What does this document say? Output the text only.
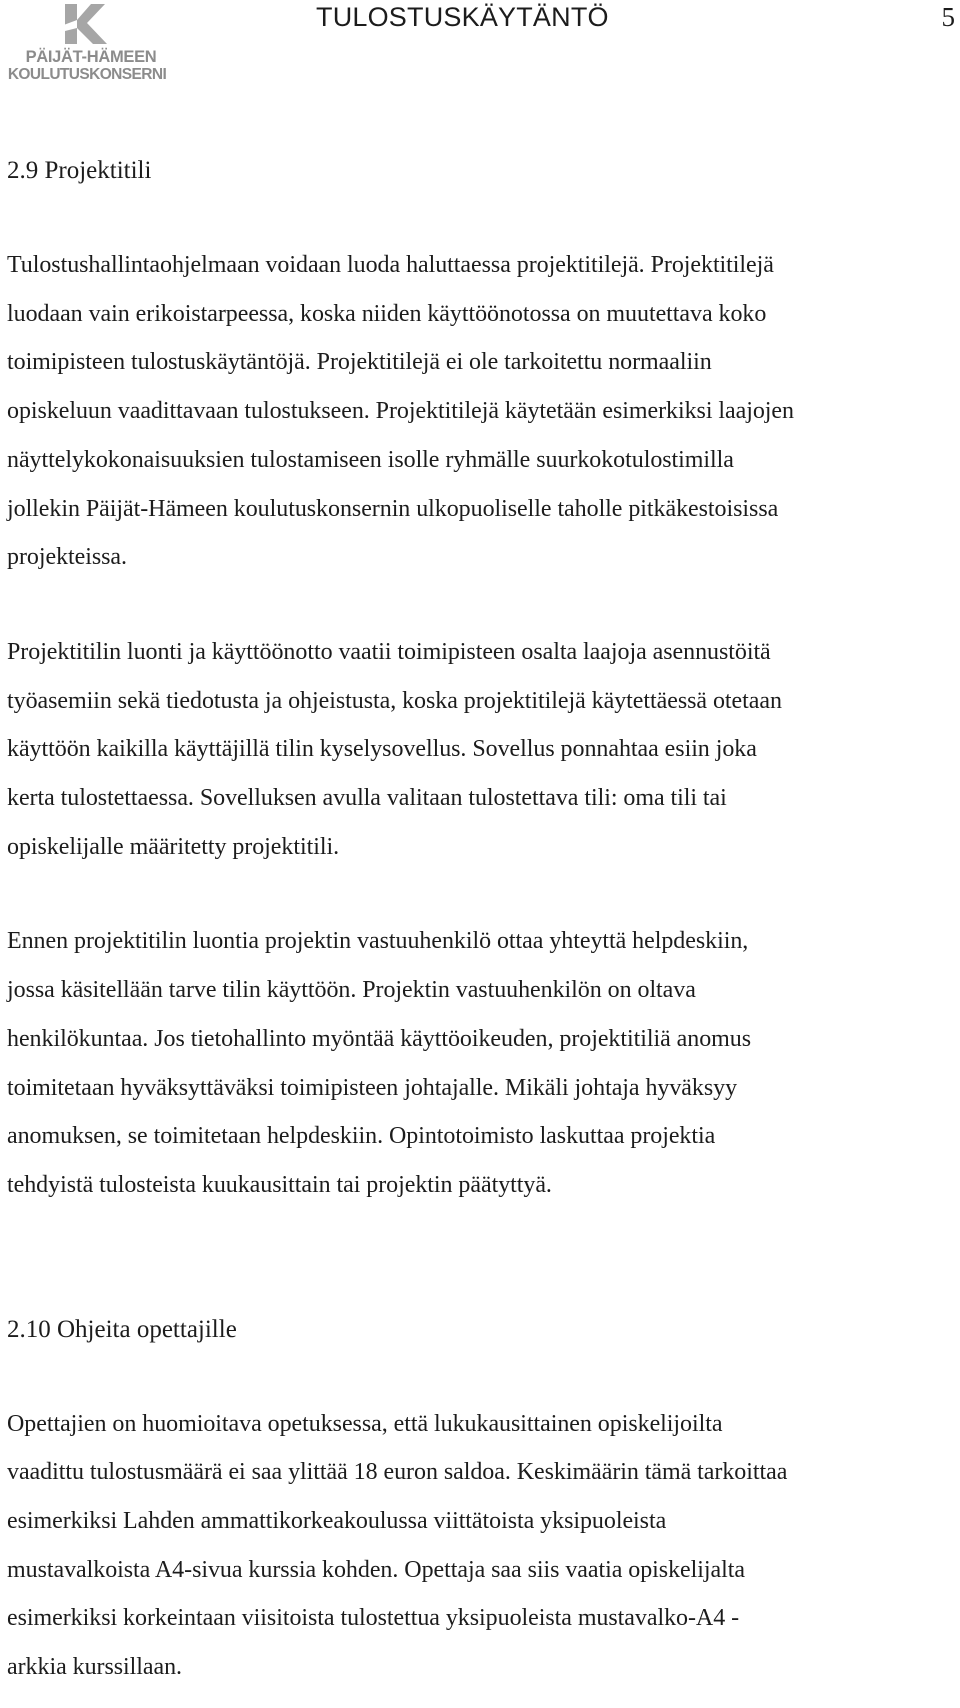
PÄIJÄT-HÄMEEN
KOULUTUSKONSERNI
TULOSTUSKÄYTÄNTÖ	5
2.9 Projektitili

Tulostushallintaohjelmaan voidaan luoda haluttaessa projektitilejä. Projektitilejä
luodaan vain erikoistarpeessa, koska niiden käyttöönotossa on muutettava koko
toimipisteen tulostuskäytäntöjä. Projektitilejä ei ole tarkoitettu normaaliin
opiskeluun vaadittavaan tulostukseen. Projektitilejä käytetään esimerkiksi laajojen
näyttelykokonaisuuksien tulostamiseen isolle ryhmälle suurkokotulostimilla
jollekin Päijät-Hämeen koulutuskonsernin ulkopuoliselle taholle pitkäkestoisissa
projekteissa.

Projektitilin luonti ja käyttöönotto vaatii toimipisteen osalta laajoja asennustöitä
työasemiin sekä tiedotusta ja ohjeistusta, koska projektitilejä käytettäessä otetaan
käyttöön kaikilla käyttäjillä tilin kyselysovellus. Sovellus ponnahtaa esiin joka
kerta tulostettaessa. Sovelluksen avulla valitaan tulostettava tili: oma tili tai
opiskelijalle määritetty projektitili.

Ennen projektitilin luontia projektin vastuuhenkilö ottaa yhteyttä helpdeskiin,
jossa käsitellään tarve tilin käyttöön. Projektin vastuuhenkilön on oltava
henkilökuntaa. Jos tietohallinto myöntää käyttöoikeuden, projektitiliä anomus
toimitetaan hyväksyttäväksi toimipisteen johtajalle. Mikäli johtaja hyväksyy
anomuksen, se toimitetaan helpdeskiin. Opintotoimisto laskuttaa projektia
tehdyistä tulosteista kuukausittain tai projektin päätyttyä.

2.10 Ohjeita opettajille

Opettajien on huomioitava opetuksessa, että lukukausittainen opiskelijoilta
vaadittu tulostusmäärä ei saa ylittää 18 euron saldoa. Keskimäärin tämä tarkoittaa
esimerkiksi Lahden ammattikorkeakoulussa viittätoista yksipuoleista
mustavalkoista A4-sivua kurssia kohden. Opettaja saa siis vaatia opiskelijalta
esimerkiksi korkeintaan viisitoista tulostettua yksipuoleista mustavalko-A4 -
arkkia kurssillaan.
